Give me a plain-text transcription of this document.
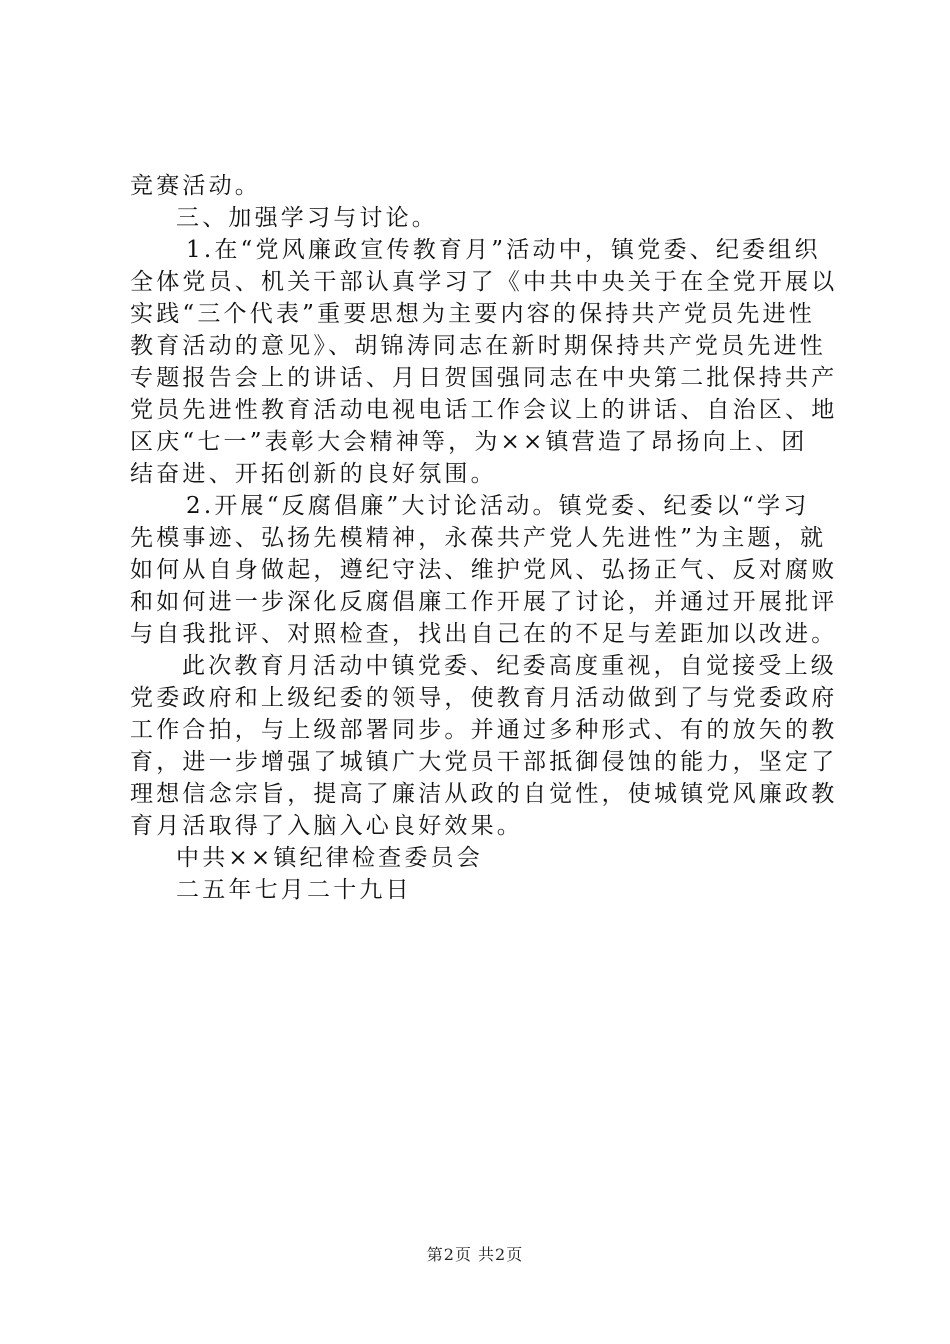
竞赛活动。
三、加强学习与讨论。
1.在“党风廉政宣传教育月”活动中，镇党委、纪委组织
全体党员、机关干部认真学习了《中共中央关于在全党开展以
实践“三个代表”重要思想为主要内容的保持共产党员先进性
教育活动的意见》、胡锦涛同志在新时期保持共产党员先进性
专题报告会上的讲话、月日贺国强同志在中央第二批保持共产
党员先进性教育活动电视电话工作会议上的讲话、自治区、地
区庆“七一”表彰大会精神等，为××镇营造了昂扬向上、团
结奋进、开拓创新的良好氛围。
2.开展“反腐倡廉”大讨论活动。镇党委、纪委以“学习
先模事迹、弘扬先模精神，永葆共产党人先进性”为主题，就
如何从自身做起，遵纪守法、维护党风、弘扬正气、反对腐败
和如何进一步深化反腐倡廉工作开展了讨论，并通过开展批评
与自我批评、对照检查，找出自己在的不足与差距加以改进。
此次教育月活动中镇党委、纪委高度重视，自觉接受上级
党委政府和上级纪委的领导，使教育月活动做到了与党委政府
工作合拍，与上级部署同步。并通过多种形式、有的放矢的教
育，进一步增强了城镇广大党员干部抵御侵蚀的能力，坚定了
理想信念宗旨，提高了廉洁从政的自觉性，使城镇党风廉政教
育月活取得了入脑入心良好效果。
中共××镇纪律检查委员会
二五年七月二十九日
第2页 共2页
